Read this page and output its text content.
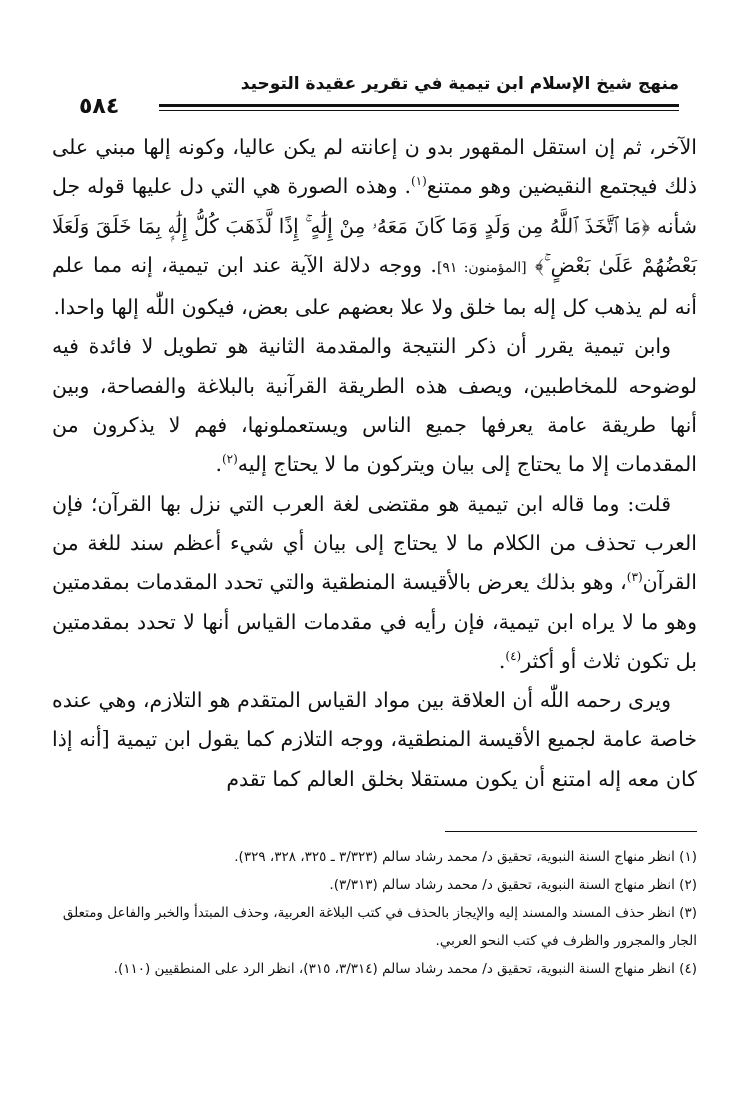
منهج شيخ الإسلام ابن تيمية في تقرير عقيدة التوحيد
٥٨٤

الآخر، ثم إن استقل المقهور بدو ن إعانته لم يكن عاليا، وكونه إلها مبني على ذلك فيجتمع النقيضين وهو ممتنع$^{(١)}$. وهذه الصورة هي التي دل عليها قوله جل شأنه ﴿مَا ٱتَّخَذَ ٱللَّهُ مِن وَلَدٍ وَمَا كَانَ مَعَهُۥ مِنْ إِلَٰهٍ ۚ إِذًا لَّذَهَبَ كُلُّ إِلَٰهِۭ بِمَا خَلَقَ وَلَعَلَا بَعْضُهُمْ عَلَىٰ بَعْضٍ ۚ﴾ [المؤمنون: ٩١]. ووجه دلالة الآية عند ابن تيمية، إنه مما علم أنه لم يذهب كل إله بما خلق ولا علا بعضهم على بعض، فيكون اللّٰه إلها واحدا.

وابن تيمية يقرر أن ذكر النتيجة والمقدمة الثانية هو تطويل لا فائدة فيه لوضوحه للمخاطبين، ويصف هذه الطريقة القرآنية بالبلاغة والفصاحة، وبين أنها طريقة عامة يعرفها جميع الناس ويستعملونها، فهم لا يذكرون من المقدمات إلا ما يحتاج إلى بيان ويتركون ما لا يحتاج إليه$^{(٢)}$.

قلت: وما قاله ابن تيمية هو مقتضى لغة العرب التي نزل بها القرآن؛ فإن العرب تحذف من الكلام ما لا يحتاج إلى بيان أي شيء أعظم سند للغة من القرآن$^{(٣)}$، وهو بذلك يعرض بالأقيسة المنطقية والتي تحدد المقدمات بمقدمتين وهو ما لا يراه ابن تيمية، فإن رأيه في مقدمات القياس أنها لا تحدد بمقدمتين بل تكون ثلاث أو أكثر$^{(٤)}$.

ويرى رحمه اللّٰه أن العلاقة بين مواد القياس المتقدم هو التلازم، وهي عنده خاصة عامة لجميع الأقيسة المنطقية، ووجه التلازم كما يقول ابن تيمية [أنه إذا كان معه إله امتنع أن يكون مستقلا بخلق العالم كما تقدم

(١) انظر منهاج السنة النبوية، تحقيق د/ محمد رشاد سالم (٣/٣٢٣ ـ ٣٢٥، ٣٢٨، ٣٢٩).

(٢) انظر منهاج السنة النبوية، تحقيق د/ محمد رشاد سالم (٣/٣١٣).

(٣) انظر حذف المسند والمسند إليه والإيجاز بالحذف في كتب البلاغة العربية، وحذف المبتدأ والخبر والفاعل ومتعلق الجار والمجرور والظرف في كتب النحو العربي.

(٤) انظر منهاج السنة النبوية، تحقيق د/ محمد رشاد سالم (٣/٣١٤، ٣١٥)، انظر الرد على المنطقيين (١١٠).
